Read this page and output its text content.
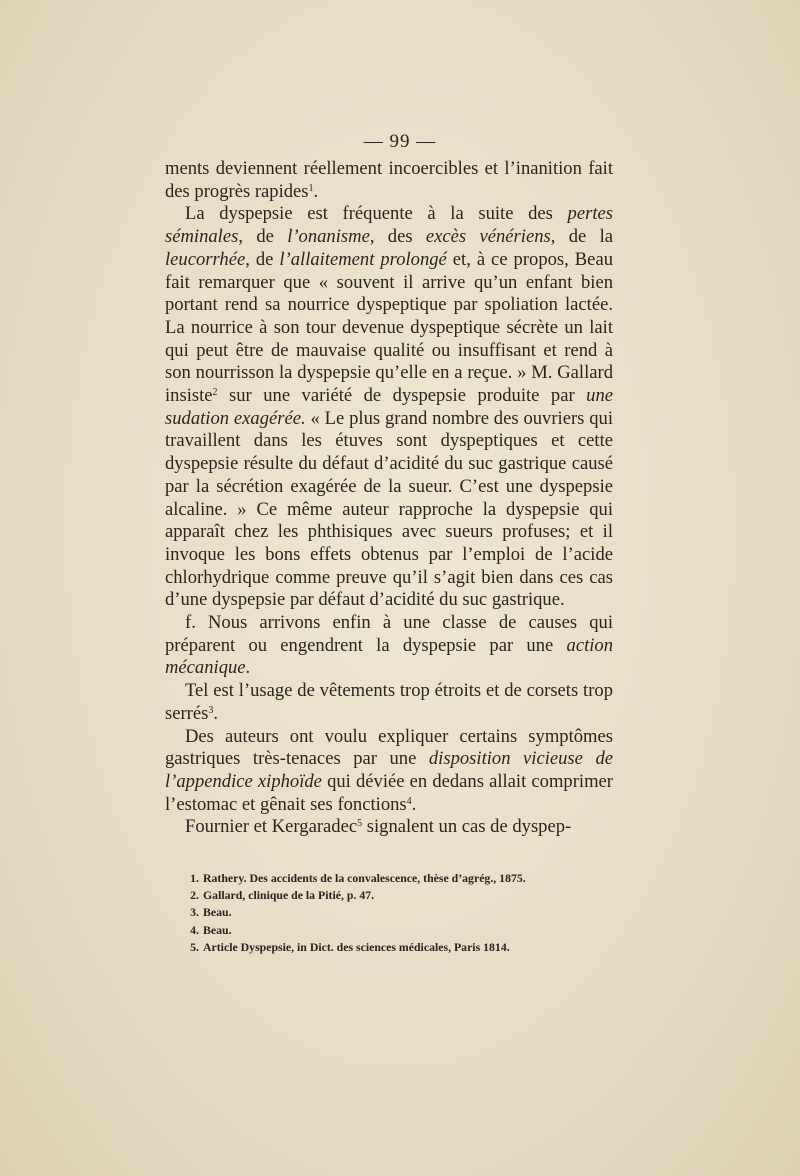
— 99 —

ments deviennent réellement incoercibles et l’inanition fait des progrès rapides$^1$.

La dyspepsie est fréquente à la suite des pertes séminales, de l’onanisme, des excès vénériens, de la leucorrhée, de l’allaitement prolongé et, à ce propos, Beau fait remarquer que « souvent il arrive qu’un enfant bien portant rend sa nourrice dyspeptique par spoliation lactée. La nourrice à son tour devenue dyspeptique sécrète un lait qui peut être de mauvaise qualité ou insuffisant et rend à son nourrisson la dyspepsie qu’elle en a reçue. » M. Gallard insiste$^2$ sur une variété de dyspepsie produite par une sudation exagérée. « Le plus grand nombre des ouvriers qui travaillent dans les étuves sont dyspeptiques et cette dyspepsie résulte du défaut d’acidité du suc gastrique causé par la sécrétion exagérée de la sueur. C’est une dyspepsie alcaline. » Ce même auteur rapproche la dyspepsie qui apparaît chez les phthisiques avec sueurs profuses; et il invoque les bons effets obtenus par l’emploi de l’acide chlorhydrique comme preuve qu’il s’agit bien dans ces cas d’une dyspepsie par défaut d’acidité du suc gastrique.

f. Nous arrivons enfin à une classe de causes qui préparent ou engendrent la dyspepsie par une action mécanique.

Tel est l’usage de vêtements trop étroits et de corsets trop serrés$^3$.

Des auteurs ont voulu expliquer certains symptômes gastriques très-tenaces par une disposition vicieuse de l’appendice xiphoïde qui déviée en dedans allait comprimer l’estomac et gênait ses fonctions$^4$.

Fournier et Kergaradec$^5$ signalent un cas de dyspep-

1. Rathery. Des accidents de la convalescence, thèse d’agrég., 1875.
2. Gallard, clinique de la Pitié, p. 47.
3. Beau.
4. Beau.
5. Article Dyspepsie, in Dict. des sciences médicales, Paris 1814.
